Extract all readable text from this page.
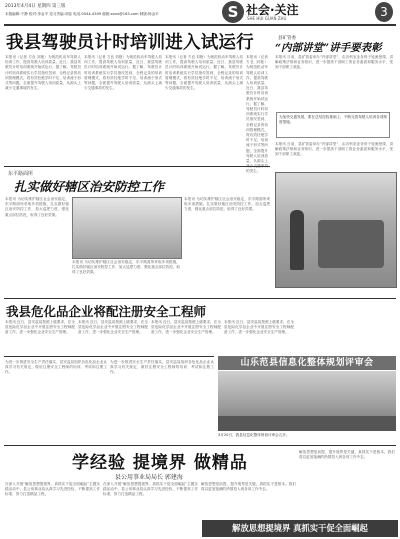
2013年4月4日 星期四 第三版
本版编辑:于静 校对:李金平 见习责编:刘蕊 电话:0544-4309 邮箱:xxxx@163.com 制版:杨金平	S 社会·关注
SHE HUI GUAN ZHU	3
我县驾驶员计时培训进入试运行
本报讯（记者 方良 刘艳）为规范机动车驾驶人培训工作，提高驾驶人培训质量，近日，我县驾驶员计时培训系统开始试运行。据了解，驾驶员计时培训系统实行学员指纹签到、全程记录的培训管理模式，将有效杜绝学时不足、培训流于形式等问题，全面提升驾驶人培训质量，从源头上减少交通事故的发生。
本报讯（记者 方良 刘艳）为规范机动车驾驶人培训工作，提高驾驶人培训质量，近日，我县驾驶员计时培训系统开始试运行。据了解，驾驶员计时培训系统实行学员指纹签到、全程记录的培训管理模式，将有效杜绝学时不足、培训流于形式等问题，全面提升驾驶人培训质量，从源头上减少交通事故的发生。
本报讯（记者 方良 刘艳）为规范机动车驾驶人培训工作，提高驾驶人培训质量，近日，我县驾驶员计时培训系统开始试运行。据了解，驾驶员计时培训系统实行学员指纹签到、全程记录的培训管理模式，将有效杜绝学时不足、培训流于形式等问题，全面提升驾驶人培训质量，从源头上减少交通事故的发生。
本报讯（记者 方良 刘艳）为规范机动车驾驶人培训工作，提高驾驶人培训质量，近日，我县驾驶员计时培训系统开始试运行。据了解，驾驶员计时培训系统实行学员指纹签到、全程记录的培训管理模式，将有效杜绝学时不足、培训流于形式等问题，全面提升驾驶人培训质量，从源头上 的发生。
县矿管委
“内部讲堂”讲手要表彰
本报讯 日前，县矿管委举办“内部讲堂”，由各科室业务骨干轮流授课，讲解政策法规和业务知识，进一步提高干部职工的业务素质和服务水平，受到干部职工欢迎。
为加快交通发展，要在总结经验基础上，不断完善驾驶人培训各项制度措施。
本报讯 日前，县矿管委举办“内部讲堂”，由各科室业务骨干轮流授课，讲解政策法规和业务知识，进一步提高干部职工的业务素质和服务水平，受到干部职工欢迎。
东平路面所
扎实做好辖区治安防控工作
本报讯 为切实维护辖区社会治安稳定，东平路面所采取多项措施，扎实做好辖区治安防控工作，加大巡逻力度，强化重点部位防范，取得了良好效果。
本报讯 为切实维护辖区社会治安稳定，东平路面所采取多项措施，扎实做好辖区治安防控工作，加大巡逻力度，强化重点部位防范，取得了良好效果。
本报讯 为切实维护辖区社会治安稳定，东平路面所采取多项措施，扎实做好辖区治安防控工作，加大巡逻力度，强化重点部位防范，取得了良好效果。
我县危化品企业将配注册安全工程师
本报讯 近日，县安监局按照上级要求，在全县危险化学品企业中开展注册安全工程师配备工作，进一步强化企业安全生产管理。
本报讯 近日，县安监局按照上级要求，在全县危险化学品企业中开展注册安全工程师配备工作，进一步强化企业安全生产管理。
本报讯 近日，县安监局按照上级要求，在全县危险化学品企业中开展注册安全工程师配备工作，进一步强化企业安全生产管理。
本报讯 近日，县安监局按照上级要求，在全县危险化学品企业中开展注册安全工程师配备工作，进一步强化企业安全生产管理。
为进一步推进安全生产责任落实，县安监局组织各危化品企业认真学习有关规定，做好注册安全工程师的培训、考试和注册工作。
为进一步推进安全生产责任落实，县安监局组织各危化品企业认真学习有关规定，做好注册安全工程师的培训、考试和注册工作。
山乐范县信息化整体规划评审会
3月20日，我县信息化整体规划评审会召开。
学经验 提境界 做精品
县公用事业局局长 郭建海
在深入开展“解放思想提境界、真抓实干促全面崛起”主题实践活动中，县公用事业局认真学习先进经验，不断提高工作标准，努力打造精品工程。
在深入开展“解放思想提境界、真抓实干促全面崛起”主题实践活动中，县公用事业局认真学习先进经验，不断提高工作标准，努力打造精品工程。
解放思想是前提，提升境界是关键，真抓实干是根本。我们将以更加饱满的热情投入到各项工作中去。
解放思想是前提，提升境界是关键，真抓实干是根本。我们将以更加饱满的热情投入到各项工作中去。
解放思想提境界 真抓实干促全面崛起
